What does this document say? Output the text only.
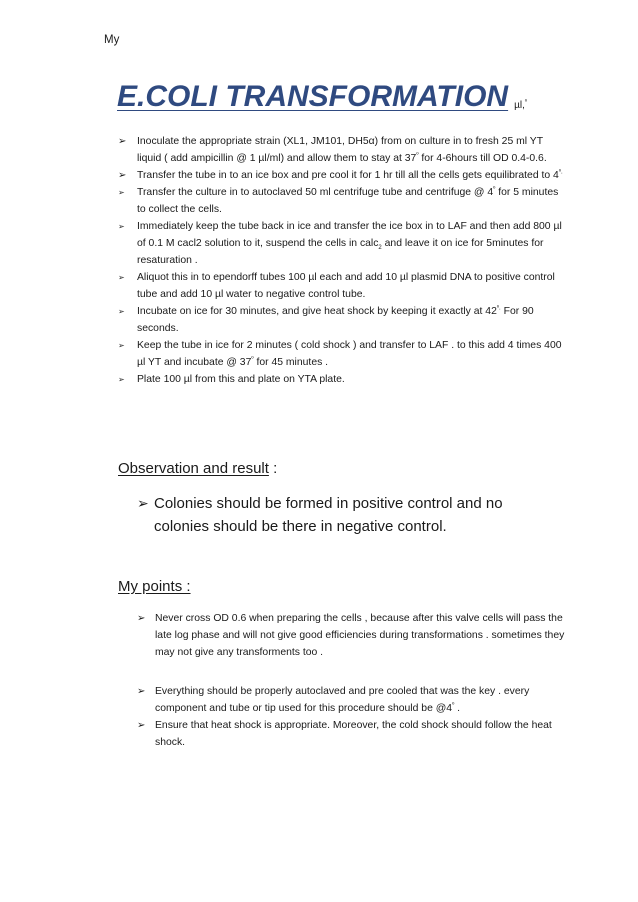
My
E.COLI TRANSFORMATION µl,$^º$
➢ Inoculate the appropriate strain (XL1, JM101, DH5α) from on culture in to fresh 25 ml YT liquid ( add ampicillin @ 1 µl/ml) and allow them to stay at $37^º$ for 4-6hours till OD 0.4-0.6.
➢ Transfer the tube in to an ice box and pre cool it for 1 hr till all the cells gets equilibrated to $4^{º.}$
➢ Transfer the culture in to autoclaved 50 ml centrifuge tube and centrifuge @ $4^º$ for 5 minutes to collect the cells.
➢ Immediately keep the tube back in ice and transfer the ice box in to LAF and then add 800 µl of 0.1 M cacl2 solution to it, suspend the cells in calc$_2$ and leave it on ice for 5minutes for resaturation .
➢ Aliquot this in to ependorff tubes 100 µl each and add 10 µl plasmid DNA to positive control tube and add 10 µl water to negative control tube.
➢ Incubate on ice for 30 minutes, and give heat shock by keeping it exactly at $42^{º.}$ For 90 seconds.
➢ Keep the tube in ice for 2 minutes ( cold shock ) and transfer to LAF . to this add 4 times 400 µl YT and incubate @ $37^º$ for 45 minutes .
➢ Plate 100 µl from this and plate on YTA plate.
Observation and result :
➢ Colonies should be formed in positive control and no colonies should be there in negative control.
My points :
➢ Never cross OD 0.6 when preparing the cells , because after this valve cells will pass the late log phase and will not give good efficiencies during transformations . sometimes they may not give any transforments too .
➢ Everything should be properly autoclaved and pre cooled that was the key . every component and tube or tip used for this procedure should be $@4^º$ .
➢ Ensure that heat shock is appropriate. Moreover, the cold shock should follow the heat shock.
